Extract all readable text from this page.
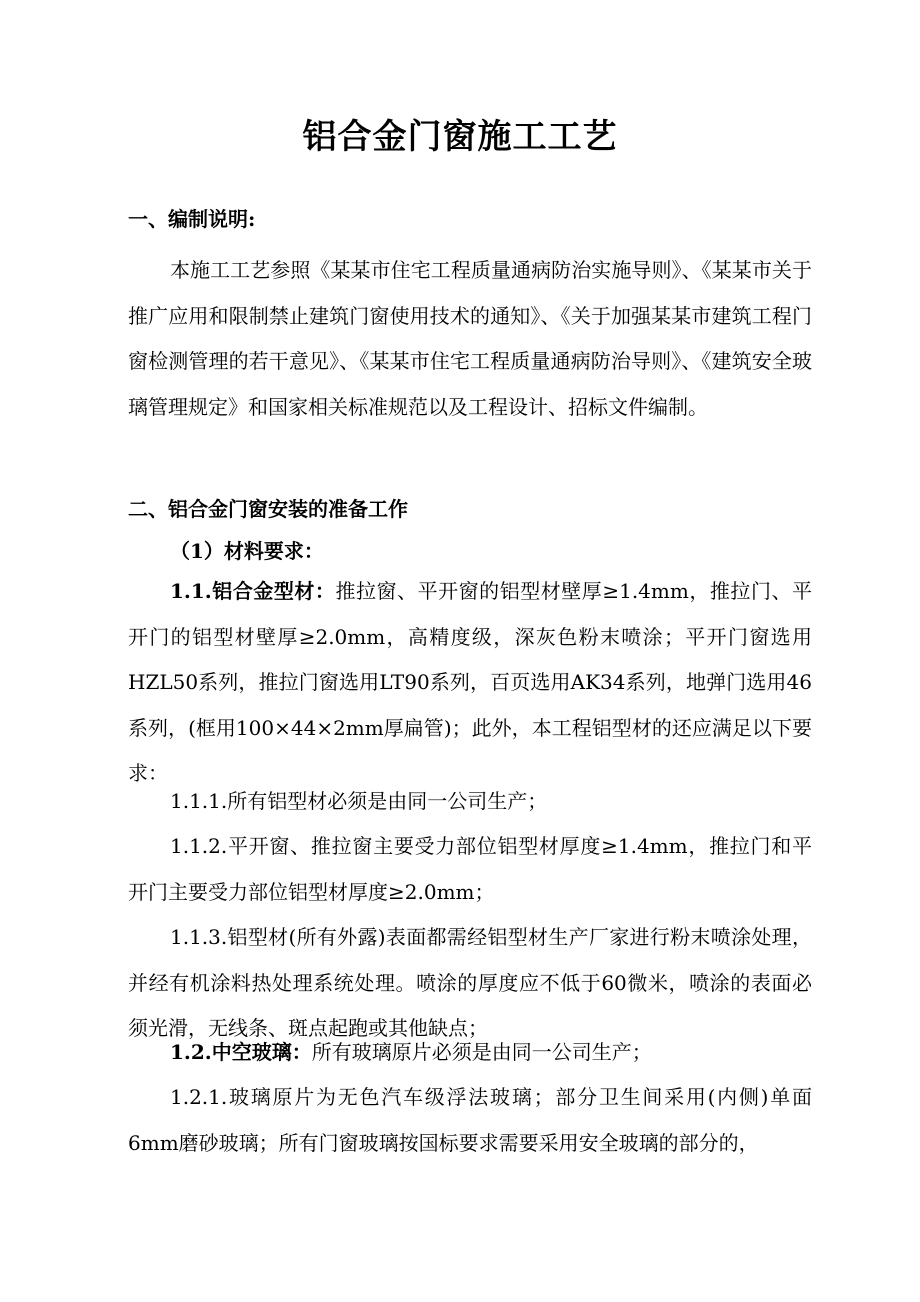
铝合金门窗施工工艺
一、编制说明:
本施工工艺参照《某某市住宅工程质量通病防治实施导则》、《某某市关于推广应用和限制禁止建筑门窗使用技术的通知》、《关于加强某某市建筑工程门窗检测管理的若干意见》、《某某市住宅工程质量通病防治导则》、《建筑安全玻璃管理规定》和国家相关标准规范以及工程设计、招标文件编制。
二、铝合金门窗安装的准备工作
（1）材料要求：
1.1.铝合金型材：推拉窗、平开窗的铝型材壁厚≥1.4mm，推拉门、平开门的铝型材壁厚≥2.0mm，高精度级，深灰色粉末喷涂；平开门窗选用HZL50系列，推拉门窗选用LT90系列，百页选用AK34系列，地弹门选用46系列，(框用100×44×2mm厚扁管)；此外，本工程铝型材的还应满足以下要求：
1.1.1.所有铝型材必须是由同一公司生产；
1.1.2.平开窗、推拉窗主要受力部位铝型材厚度≥1.4mm，推拉门和平开门主要受力部位铝型材厚度≥2.0mm；
1.1.3.铝型材(所有外露)表面都需经铝型材生产厂家进行粉末喷涂处理，并经有机涂料热处理系统处理。喷涂的厚度应不低于60微米，喷涂的表面必须光滑，无线条、斑点起跑或其他缺点；
1.2.中空玻璃：所有玻璃原片必须是由同一公司生产；
1.2.1.玻璃原片为无色汽车级浮法玻璃；部分卫生间采用(内侧)单面6mm磨砂玻璃；所有门窗玻璃按国标要求需要采用安全玻璃的部分的，
